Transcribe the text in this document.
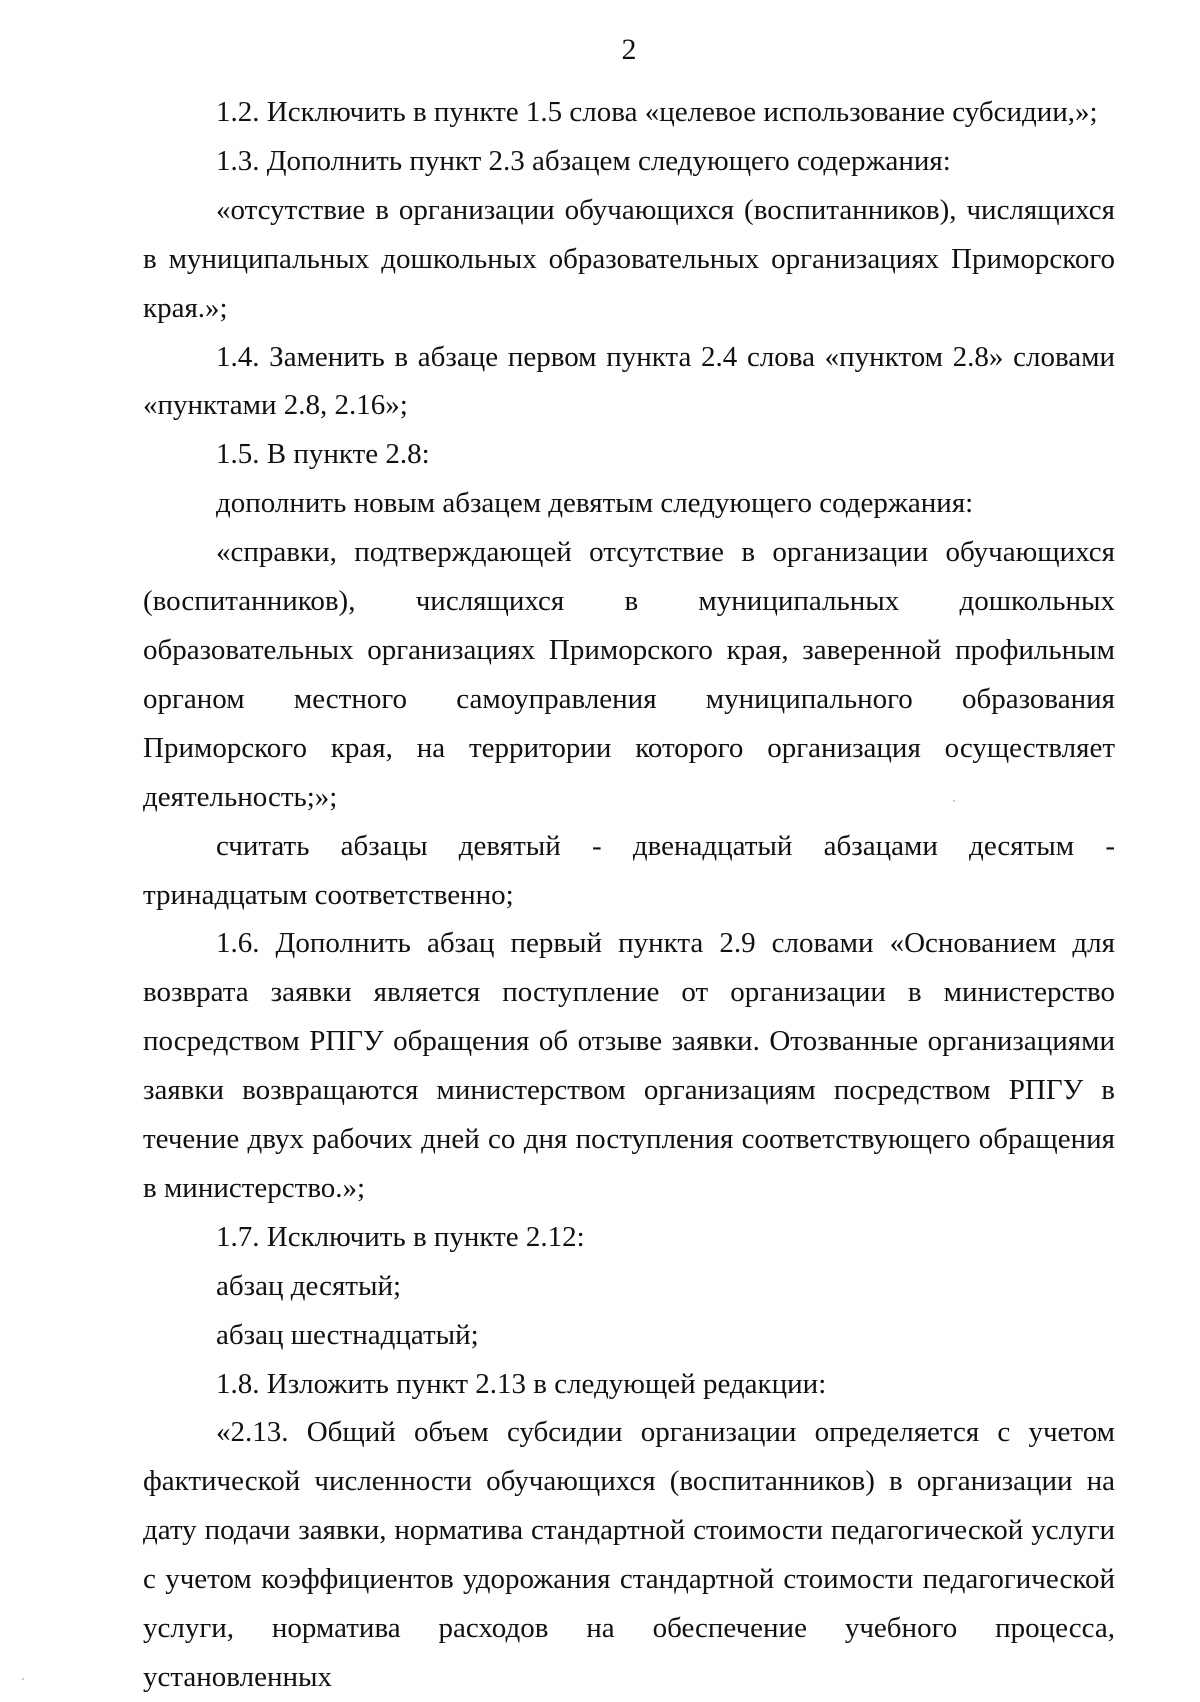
2

1.2. Исключить в пункте 1.5 слова «целевое использование субсидии,»;

1.3. Дополнить пункт 2.3 абзацем следующего содержания:

«отсутствие в организации обучающихся (воспитанников), числящихся в муниципальных дошкольных образовательных организациях Приморского края.»;

1.4. Заменить в абзаце первом пункта 2.4 слова «пунктом 2.8» словами «пунктами 2.8, 2.16»;

1.5. В пункте 2.8:

дополнить новым абзацем девятым следующего содержания:

«справки, подтверждающей отсутствие в организации обучающихся (воспитанников), числящихся в муниципальных дошкольных образовательных организациях Приморского края, заверенной профильным органом местного самоуправления муниципального образования Приморского края, на территории которого организация осуществляет деятельность;»;

считать абзацы девятый - двенадцатый абзацами десятым - тринадцатым соответственно;

1.6. Дополнить абзац первый пункта 2.9 словами «Основанием для возврата заявки является поступление от организации в министерство посредством РПГУ обращения об отзыве заявки. Отозванные организациями заявки возвращаются министерством организациям посредством РПГУ в течение двух рабочих дней со дня поступления соответствующего обращения в министерство.»;

1.7. Исключить в пункте 2.12:

абзац десятый;

абзац шестнадцатый;

1.8. Изложить пункт 2.13 в следующей редакции:

«2.13. Общий объем субсидии организации определяется с учетом фактической численности обучающихся (воспитанников) в организации на дату подачи заявки, норматива стандартной стоимости педагогической услуги с учетом коэффициентов удорожания стандартной стоимости педагогической услуги, норматива расходов на обеспечение учебного процесса, установленных
